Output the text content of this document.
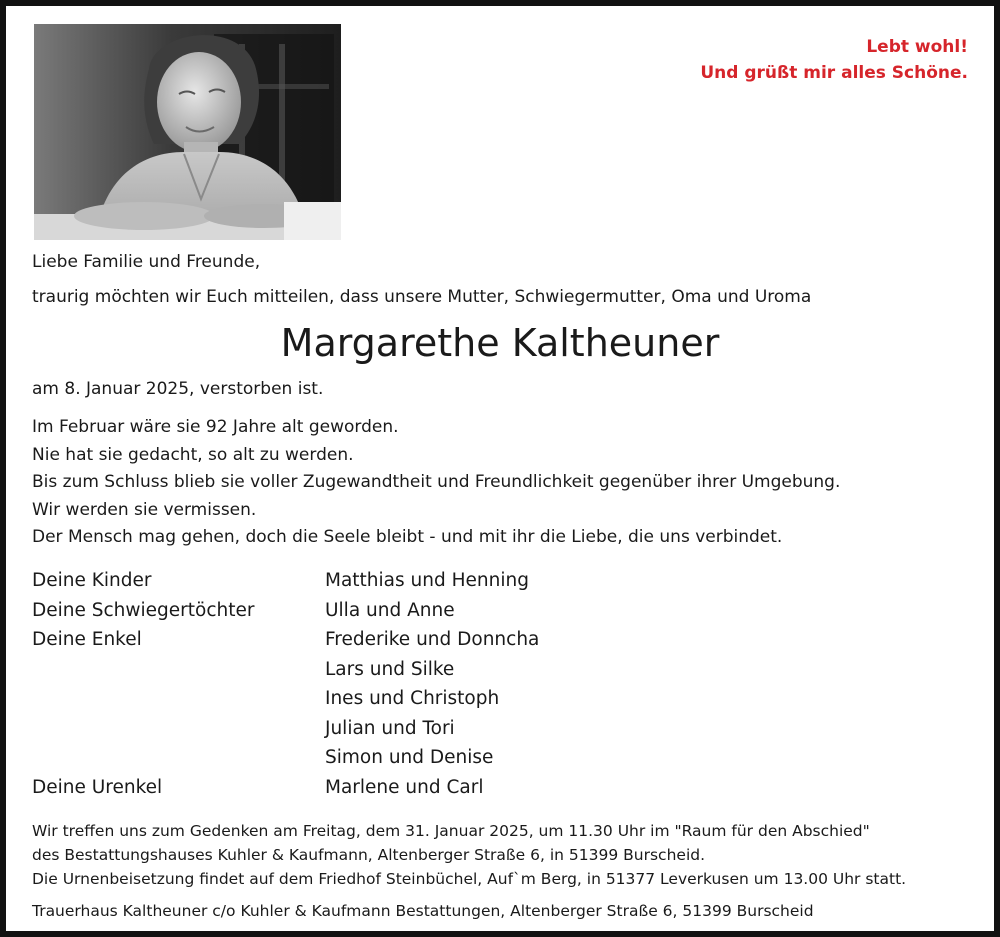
Lebt wohl!
Und grüßt mir alles Schöne.
Liebe Familie und Freunde,
traurig möchten wir Euch mitteilen, dass unsere Mutter, Schwiegermutter, Oma und Uroma
Margarethe Kaltheuner
am 8. Januar 2025, verstorben ist.
Im Februar wäre sie 92 Jahre alt geworden.
Nie hat sie gedacht, so alt zu werden.
Bis zum Schluss blieb sie voller Zugewandtheit und Freundlichkeit gegenüber ihrer Umgebung.
Wir werden sie vermissen.
Der Mensch mag gehen, doch die Seele bleibt - und mit ihr die Liebe, die uns verbindet.
Deine Kinder	Matthias und Henning
Deine Schwiegertöchter	Ulla und Anne
Deine Enkel	Frederike und Donncha
Lars und Silke
Ines und Christoph
Julian und Tori
Simon und Denise
Deine Urenkel	Marlene und Carl
Wir treffen uns zum Gedenken am Freitag, dem 31. Januar 2025, um 11.30 Uhr im "Raum für den Abschied"
des Bestattungshauses Kuhler & Kaufmann, Altenberger Straße 6, in 51399 Burscheid.
Die Urnenbeisetzung findet auf dem Friedhof Steinbüchel, Auf`m Berg, in 51377 Leverkusen um 13.00 Uhr statt.
Trauerhaus Kaltheuner c/o Kuhler & Kaufmann Bestattungen, Altenberger Straße 6, 51399 Burscheid
